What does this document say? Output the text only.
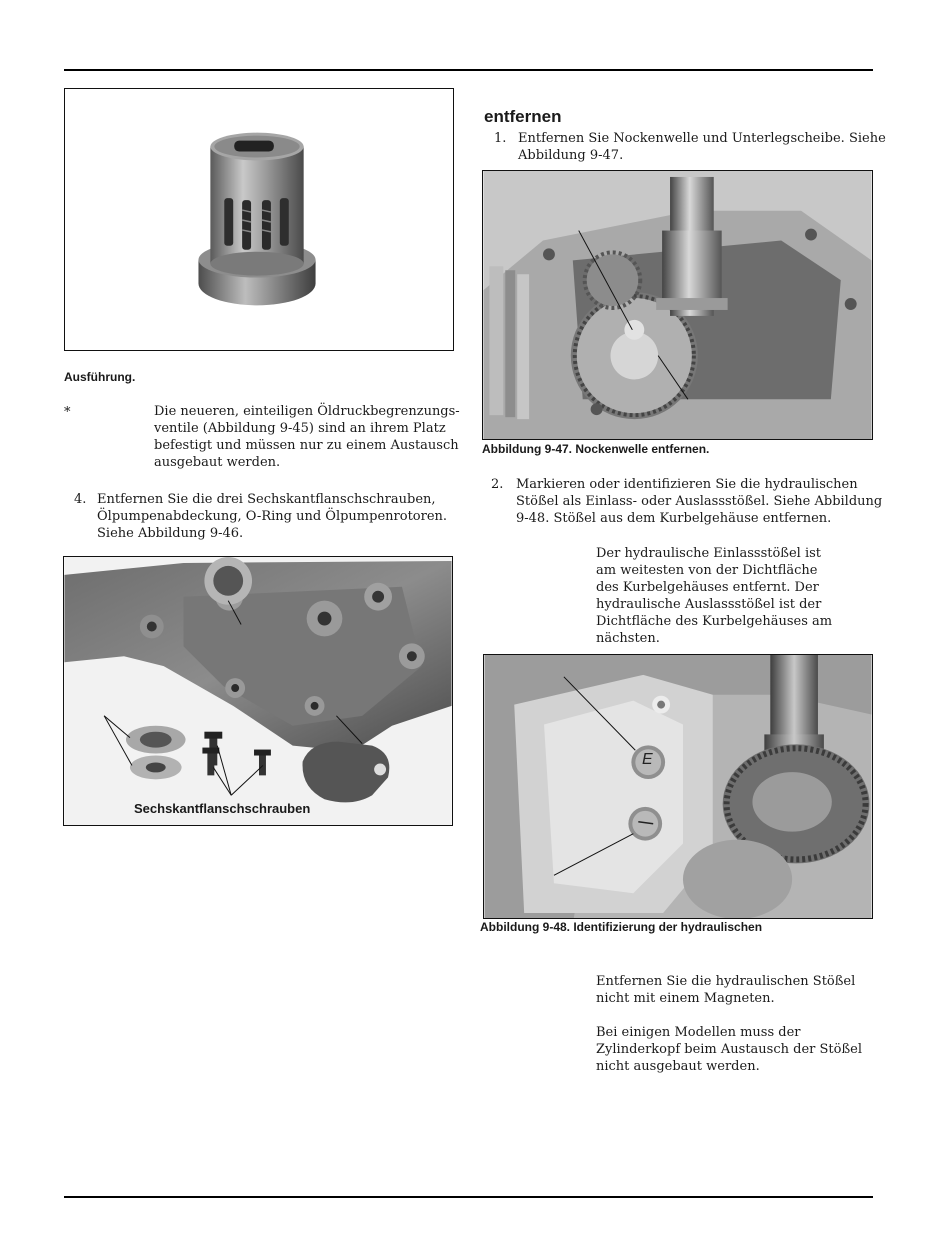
Ausführung.
*	Die neueren, einteiligen Öldruckbegrenzungs-
ventile (Abbildung 9-45) sind an ihrem Platz
befestigt und müssen nur zu einem Austausch
ausgebaut werden.
4. Entfernen Sie die drei Sechskantflanschschrauben,
Ölpumpenabdeckung, O-Ring und Ölpumpenrotoren.
Siehe Abbildung 9-46.
Sechskantflanschschrauben
entfernen
1. Entfernen Sie Nockenwelle und Unterlegscheibe. Siehe
Abbildung 9-47.
Abbildung 9-47. Nockenwelle entfernen.
2. Markieren oder identifizieren Sie die hydraulischen
Stößel als Einlass- oder Auslassstößel. Siehe Abbildung
9-48. Stößel aus dem Kurbelgehäuse entfernen.
Der hydraulische Einlassstößel ist
am weitesten von der Dichtfläche
des Kurbelgehäuses entfernt. Der
hydraulische Auslassstößel ist der
Dichtfläche des Kurbelgehäuses am
nächsten.
E
Abbildung 9-48. Identifizierung der hydraulischen
Entfernen Sie die hydraulischen Stößel
nicht mit einem Magneten.
Bei einigen Modellen muss der
Zylinderkopf beim Austausch der Stößel
nicht ausgebaut werden.
